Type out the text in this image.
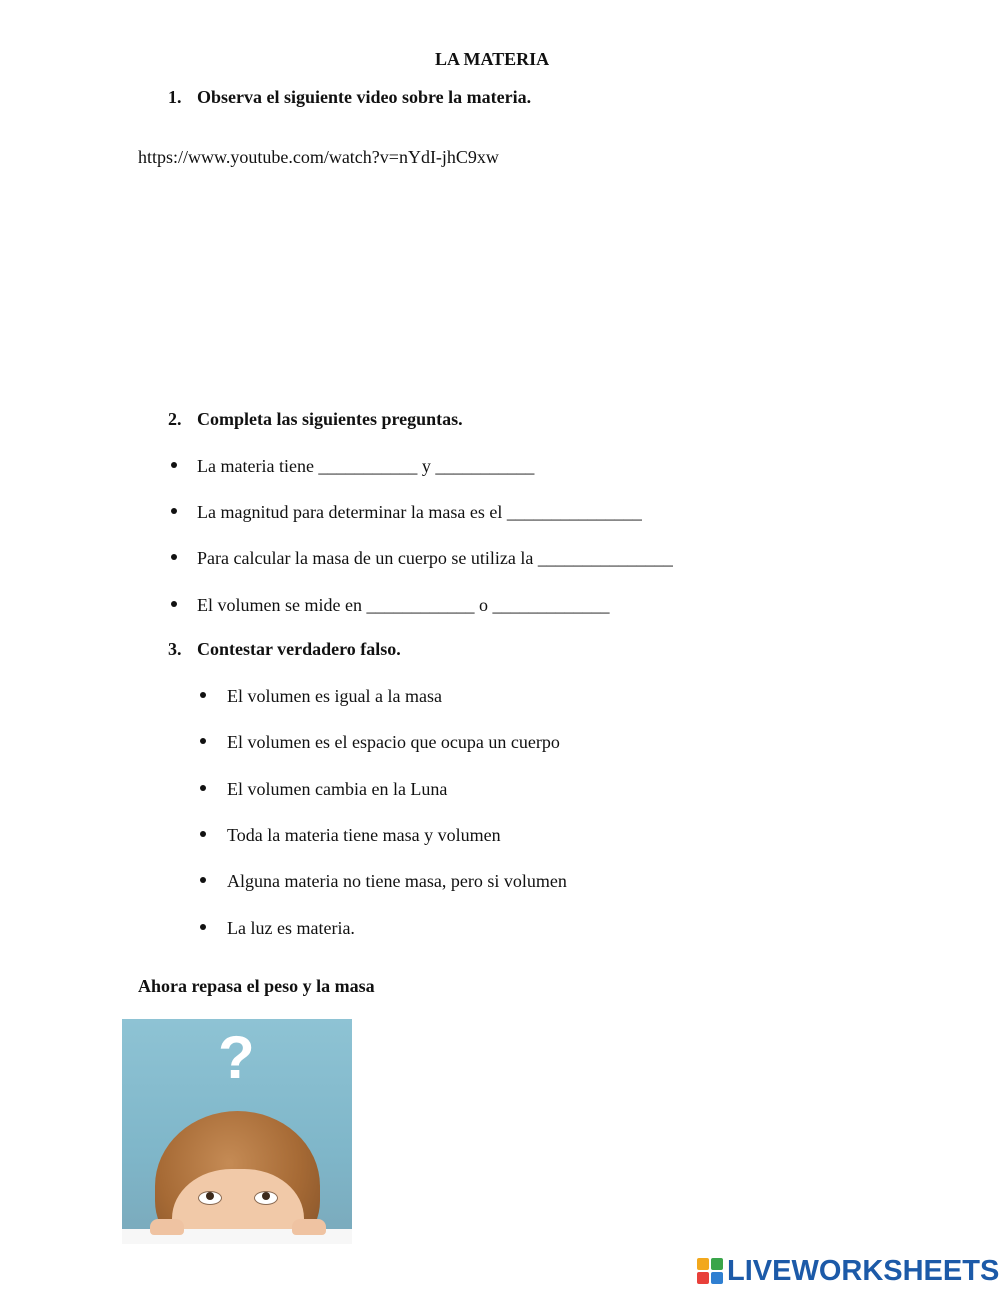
LA MATERIA
1. Observa el siguiente video sobre la materia.
https://www.youtube.com/watch?v=nYdI-jhC9xw
2. Completa las siguientes preguntas.
La materia tiene ___________ y ___________
La magnitud para determinar la masa es el _______________
Para calcular la masa de un cuerpo se utiliza la _______________
El volumen se mide en ____________ o _____________
3. Contestar verdadero falso.
El volumen es igual a la masa
El volumen es el espacio que ocupa un cuerpo
El volumen cambia en la Luna
Toda la materia tiene masa y volumen
Alguna materia no tiene masa, pero si volumen
La luz es materia.
Ahora repasa el peso y la masa
?
LIVEWORKSHEETS
